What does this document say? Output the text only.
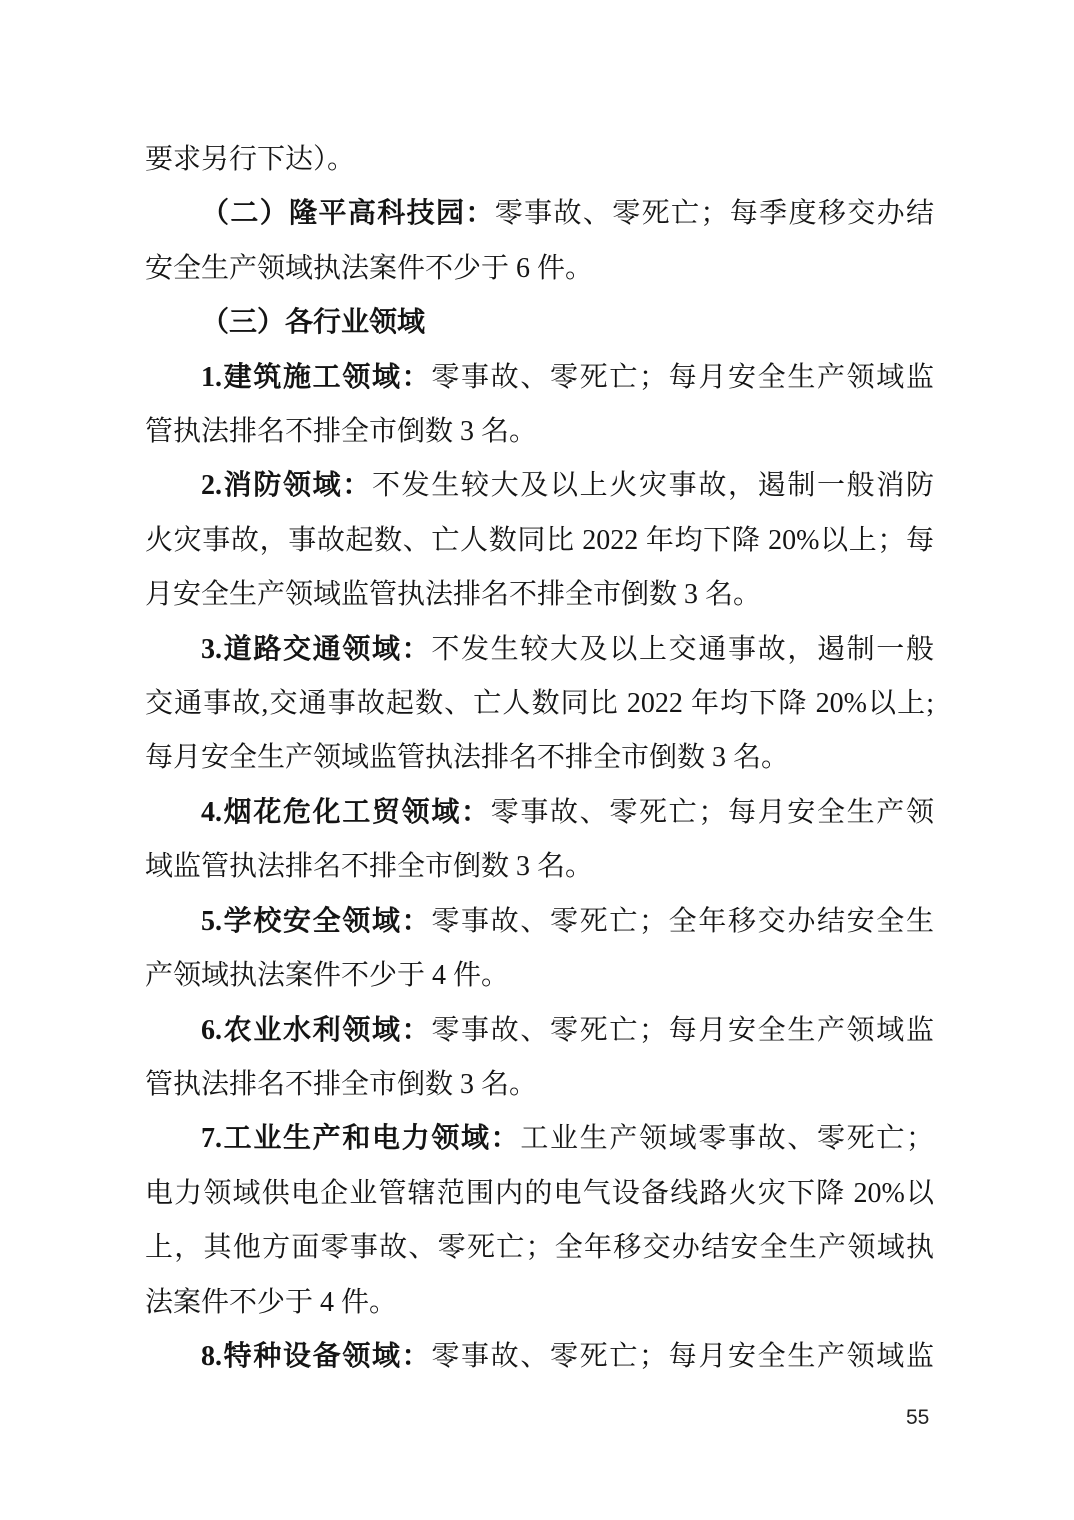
要求另行下达）。
（二）隆平高科技园：零事故、零死亡；每季度移交办结
安全生产领域执法案件不少于 6 件。
（三）各行业领域
1.建筑施工领域：零事故、零死亡；每月安全生产领域监
管执法排名不排全市倒数 3 名。
2.消防领域：不发生较大及以上火灾事故，遏制一般消防
火灾事故，事故起数、亡人数同比 2022 年均下降 20%以上；每
月安全生产领域监管执法排名不排全市倒数 3 名。
3.道路交通领域：不发生较大及以上交通事故，遏制一般
交通事故,交通事故起数、亡人数同比 2022 年均下降 20%以上;
每月安全生产领域监管执法排名不排全市倒数 3 名。
4.烟花危化工贸领域：零事故、零死亡；每月安全生产领
域监管执法排名不排全市倒数 3 名。
5.学校安全领域：零事故、零死亡；全年移交办结安全生
产领域执法案件不少于 4 件。
6.农业水利领域：零事故、零死亡；每月安全生产领域监
管执法排名不排全市倒数 3 名。
7.工业生产和电力领域：工业生产领域零事故、零死亡；
电力领域供电企业管辖范围内的电气设备线路火灾下降 20%以
上，其他方面零事故、零死亡；全年移交办结安全生产领域执
法案件不少于 4 件。
8.特种设备领域：零事故、零死亡；每月安全生产领域监
55
